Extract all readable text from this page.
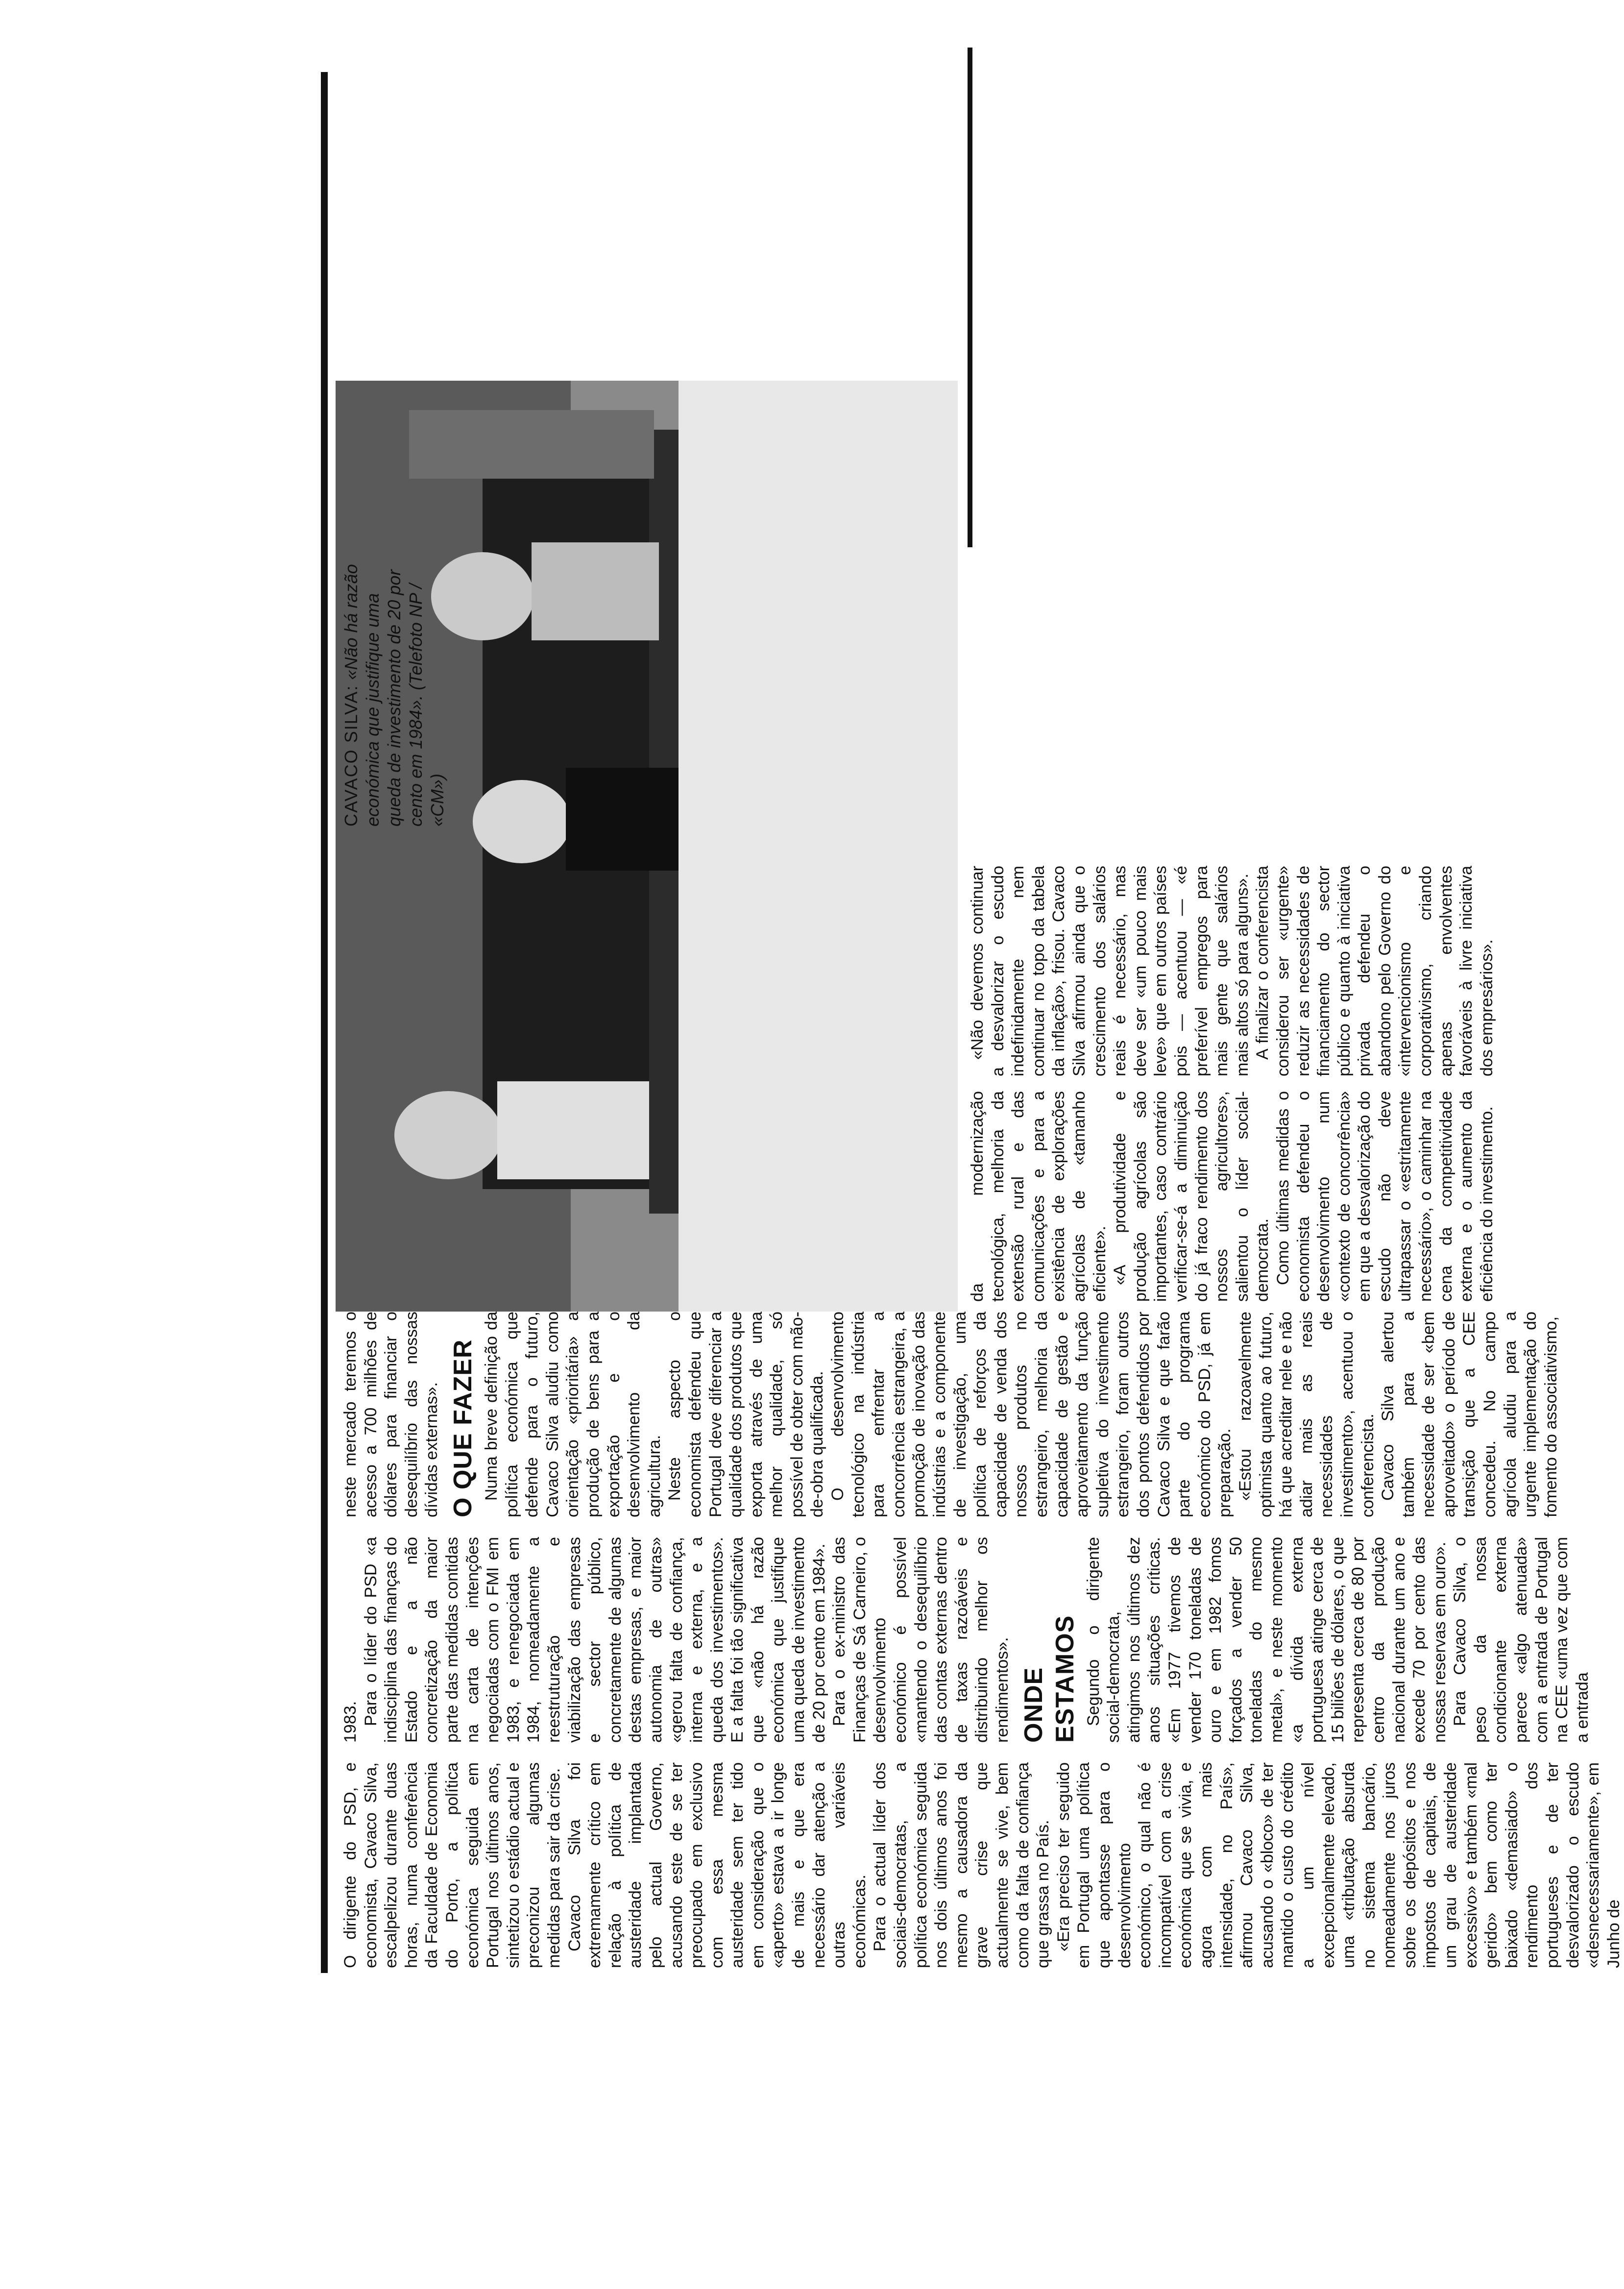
O dirigente do PSD, e economista, Cavaco Silva, escalpelizou durante duas horas, numa conferência da Faculdade de Economia do Porto, a política económica seguida em Portugal nos últimos anos, sintetizou o estádio actual e preconizou algumas medidas para sair da crise. Cavaco Silva foi extremamente crítico em relação à política de austeridade implantada pelo actual Governo, acusando este de se ter preocupado em exclusivo com essa mesma austeridade sem ter tido em consideração que o «aperto» estava a ir longe de mais e que era necessário dar atenção a outras variáveis económicas. Para o actual líder dos sociais-democratas, a política económica seguida nos dois últimos anos foi mesmo a causadora da grave crise que actualmente se vive, bem como da falta de confiança que grassa no País. «Era preciso ter seguido em Portugal uma política que apontasse para o desenvolvimento económico, o qual não é incompatível com a crise económica que se vivia, e agora com mais intensidade, no País», afirmou Cavaco Silva, acusando o «bloco» de ter mantido o custo do crédito a um nível excepcionalmente elevado, uma «tributação absurda no sistema bancário, nomeadamente nos juros sobre os depósitos e nos impostos de capitais, de um grau de austeridade excessivo» e também «mal gerido» bem como ter baixado «demasiado» o rendimento dos portugueses e de ter desvalorizado o escudo «desnecessariamente», em Junho de

1983. Para o líder do PSD «a indisciplina das finanças do Estado e a não concretização da maior parte das medidas contidas na carta de intenções negociadas com o FMI em 1983, e renegociada em 1984, nomeadamente a reestruturação e viabilização das empresas e sector público, concretamente de algumas destas empresas, e maior autonomia de outras» «gerou falta de confiança, interna e externa, e a queda dos investimentos». E a falta foi tão significativa que «não há razão económica que justifique uma queda de investimento de 20 por cento em 1984». Para o ex-ministro das Finanças de Sá Carneiro, o desenvolvimento económico é possível «mantendo o desequilíbrio das contas externas dentro de taxas razoáveis e distribuindo melhor os rendimentos». ONDE ESTAMOS Segundo o dirigente social-democrata, atingimos nos últimos dez anos situações críticas. «Em 1977 tivemos de vender 170 toneladas de ouro e em 1982 fomos forçados a vender 50 toneladas do mesmo metal», e neste momento «a dívida externa portuguesa atinge cerca de 15 biliões de dólares, o que representa cerca de 80 por centro da produção nacional durante um ano e excede 70 por cento das nossas reservas em ouro». Para Cavaco Silva, o peso da nossa condicionante externa parece «algo atenuada» com a entrada de Portugal na CEE «uma vez que com a entrada

neste mercado teremos o acesso a 700 milhões de dólares para financiar o desequilíbrio das nossas dívidas externas». O QUE FAZER Numa breve definição da política económica que defende para o futuro, Cavaco Silva aludiu como orientação «prioritária» a produção de bens para a exportação e o desenvolvimento da agricultura. Neste aspecto o economista defendeu que Portugal deve diferenciar a qualidade dos produtos que exporta através de uma melhor qualidade, só possível de obter com mão-de-obra qualificada. O desenvolvimento tecnológico na indústria para enfrentar a concorrência estrangeira, a promoção de inovação das indústrias e a componente de investigação, uma política de reforços da capacidade de venda dos nossos produtos no estrangeiro, melhoria da capacidade de gestão e aproveitamento da função supletiva do investimento estrangeiro, foram outros dos pontos defendidos por Cavaco Silva e que farão parte do programa económico do PSD, já em preparação. «Estou razoavelmente optimista quanto ao futuro, há que acreditar nele e não adiar mais as reais necessidades de investimento», acentuou o conferencista. Cavaco Silva alertou também para a necessidade de ser «bem aproveitado» o período de transição que a CEE concedeu. No campo agrícola aludiu para a urgente implementação do fomento do associativismo,

da modernização tecnológica, melhoria da extensão rural e das comunicações e para a existência de explorações agrícolas de «tamanho eficiente». «A produtividade e produção agrícolas são importantes, caso contrário verificar-se-á a diminuição do já fraco rendimento dos nossos agricultores», salientou o líder social-democrata. Como últimas medidas o economista defendeu o desenvolvimento num «contexto de concorrência» em que a desvalorização do escudo não deve ultrapassar o «estritamente necessário», o caminhar na cena da competitividade externa e o aumento da eficiência do investimento.

«Não devemos continuar a desvalorizar o escudo indefinidamente nem continuar no topo da tabela da inflação», frisou. Cavaco Silva afirmou ainda que o crescimento dos salários reais é necessário, mas deve ser «um pouco mais leve» que em outros países pois — acentuou — «é preferível empregos para mais gente que salários mais altos só para alguns». A finalizar o conferencista considerou ser «urgente» reduzir as necessidades de financiamento do sector público e quanto à iniciativa privada defendeu o abandono pelo Governo do «intervencionismo e corporativismo, criando apenas envolventes favoráveis à livre iniciativa dos empresários».

CAVACO SILVA: «Não há razão económica que justifique uma queda de investimento de 20 por cento em 1984». (Telefoto NP / «CM»)
